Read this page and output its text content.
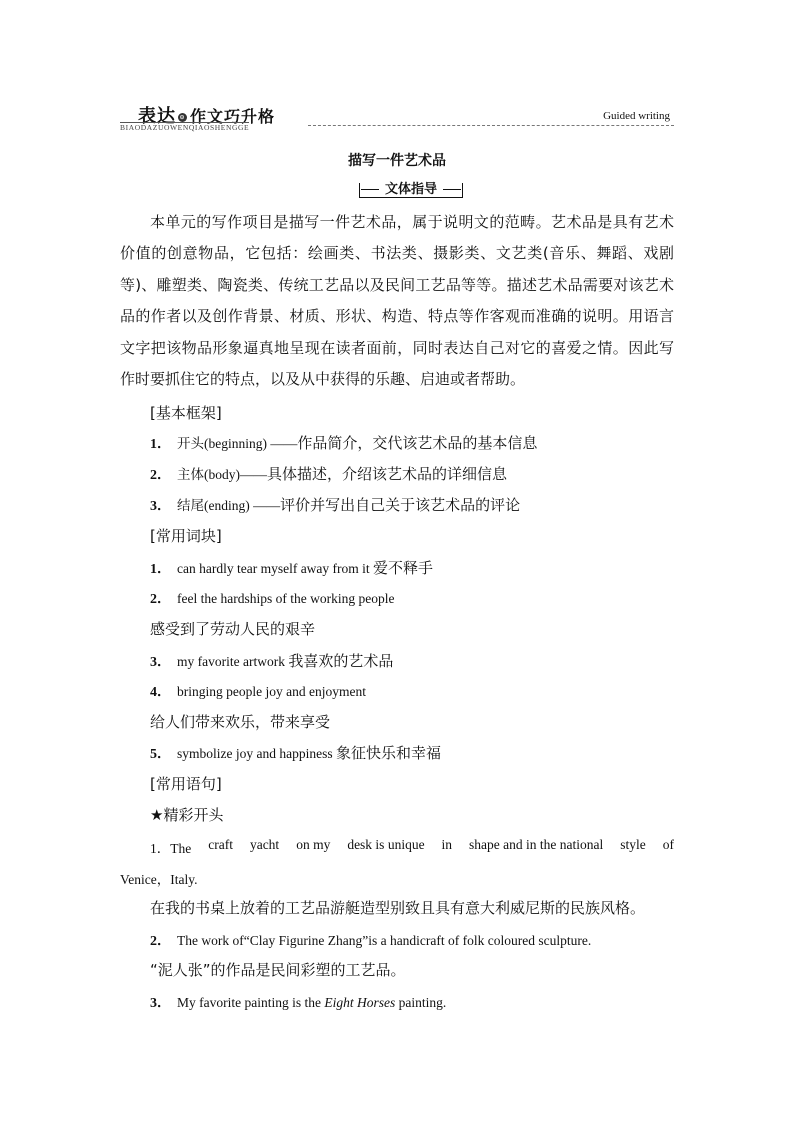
表达 ⊙ 作文巧升格
BIAODAZUOWENQIAOSHENGGE
Guided writing
描写一件艺术品
文体指导
本单元的写作项目是描写一件艺术品，属于说明文的范畴。艺术品是具有艺术价值的创意物品，它包括：绘画类、书法类、摄影类、文艺类(音乐、舞蹈、戏剧等)、雕塑类、陶瓷类、传统工艺品以及民间工艺品等等。描述艺术品需要对该艺术品的作者以及创作背景、材质、形状、构造、特点等作客观而准确的说明。用语言文字把该物品形象逼真地呈现在读者面前，同时表达自己对它的喜爱之情。因此写作时要抓住它的特点，以及从中获得的乐趣、启迪或者帮助。
[基本框架]
1． 开头(beginning) ——作品简介，交代该艺术品的基本信息
2． 主体(body)——具体描述，介绍该艺术品的详细信息
3． 结尾(ending) ——评价并写出自己关于该艺术品的评论
[常用词块]
1． can hardly tear myself away from it 爱不释手
2． feel the hardships of the working people
感受到了劳动人民的艰辛
3． my favorite artwork 我喜欢的艺术品
4． bringing people joy and enjoyment
给人们带来欢乐，带来享受
5． symbolize joy and happiness 象征快乐和幸福
[常用语句]
★精彩开头
1．The craft yacht on my desk is unique in shape and in the national style of
Venice，Italy.
在我的书桌上放着的工艺品游艇造型别致且具有意大利威尼斯的民族风格。
2． The work of“Clay Figurine Zhang”is a handicraft of folk coloured sculpture.
“泥人张”的作品是民间彩塑的工艺品。
3． My favorite painting is the Eight Horses painting.
